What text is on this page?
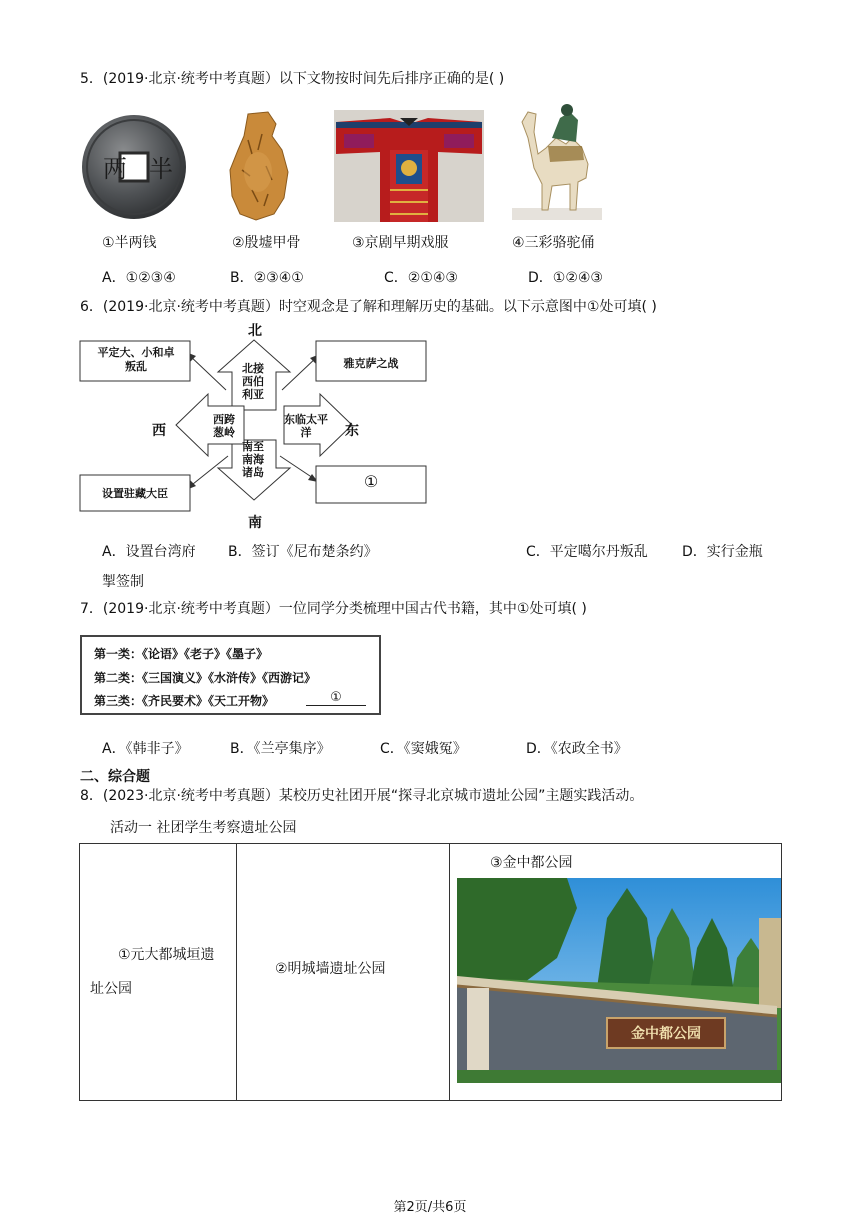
5．(2019·北京·统考中考真题）以下文物按时间先后排序正确的是( )
两 半
①半两钱	②殷墟甲骨	③京剧早期戏服	④三彩骆驼俑
A．①②③④	B．②③④①	C．②①④③	D．①②④③
6．(2019·北京·统考中考真题）时空观念是了解和理解历史的基础。以下示意图中①处可填( )
北
南
西	东
北接西伯利亚
西跨葱岭
东临太平洋
南至南海诸岛
平定大、小和卓
叛乱	雅克萨之战
设置驻藏大臣
①
A．设置台湾府 B．签订《尼布楚条约》	C．平定噶尔丹叛乱 D．实行金瓶
掣签制
7．(2019·北京·统考中考真题）一位同学分类梳理中国古代书籍，其中①处可填( )
第一类：《论语》《老子》《墨子》
第二类：《三国演义》《水浒传》《西游记》
第三类：《齐民要术》《天工开物》	①
A．《韩非子》	B．《兰亭集序》	C．《窦娥冤》	D．《农政全书》
二、综合题
8．(2023·北京·统考中考真题）某校历史社团开展“探寻北京城市遗址公园”主题实践活动。
活动一 社团学生考察遗址公园
①元大都城垣遗
址公园

②明城墙遗址公园

③金中都公园
金中都公园
第2页/共6页
